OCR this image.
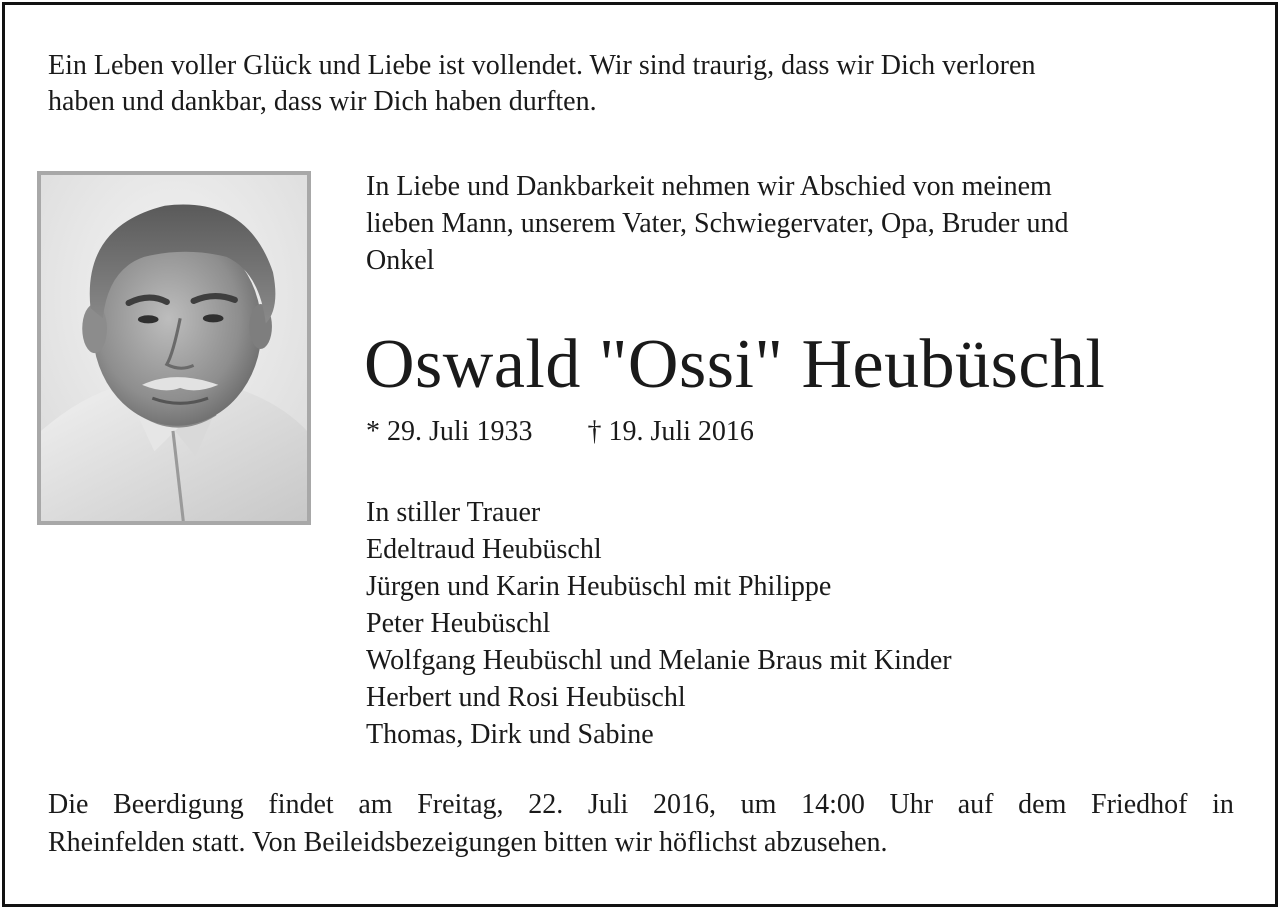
Ein Leben voller Glück und Liebe ist vollendet. Wir sind traurig, dass wir Dich verloren
haben und dankbar, dass wir Dich haben durften.
In Liebe und Dankbarkeit nehmen wir Abschied von meinem
lieben Mann, unserem Vater, Schwiegervater, Opa, Bruder und
Onkel
Oswald "Ossi" Heubüschl
* 29. Juli 1933 † 19. Juli 2016
In stiller Trauer
Edeltraud Heubüschl
Jürgen und Karin Heubüschl mit Philippe
Peter Heubüschl
Wolfgang Heubüschl und Melanie Braus mit Kinder
Herbert und Rosi Heubüschl
Thomas, Dirk und Sabine
Die Beerdigung findet am Freitag, 22. Juli 2016, um 14:00 Uhr auf dem Friedhof in
Rheinfelden statt. Von Beileidsbezeigungen bitten wir höflichst abzusehen.
